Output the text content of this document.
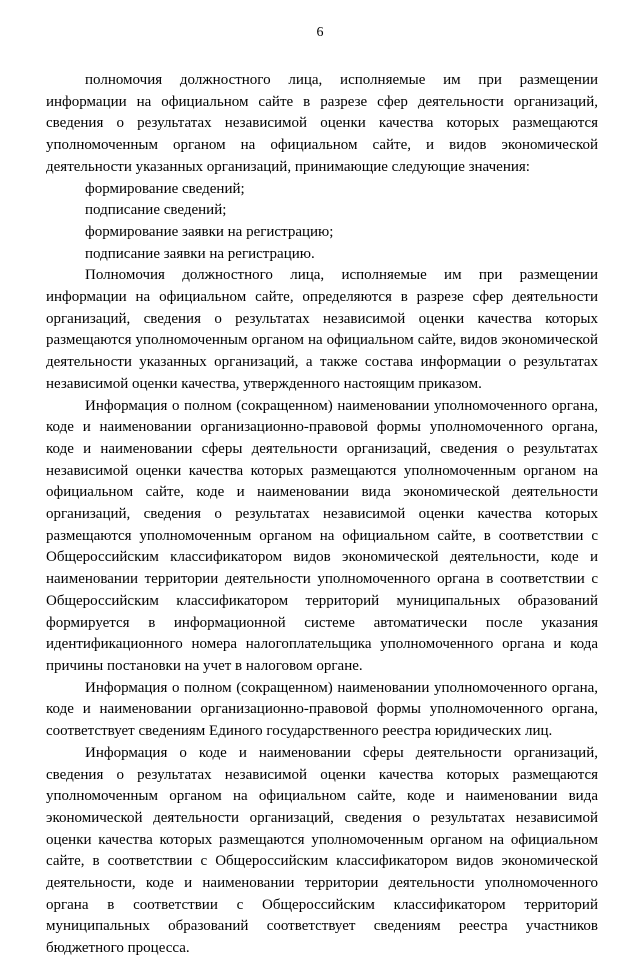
6

полномочия должностного лица, исполняемые им при размещении информации на официальном сайте в разрезе сфер деятельности организаций, сведения о результатах независимой оценки качества которых размещаются уполномоченным органом на официальном сайте, и видов экономической деятельности указанных организаций, принимающие следующие значения:

формирование сведений;

подписание сведений;

формирование заявки на регистрацию;

подписание заявки на регистрацию.

Полномочия должностного лица, исполняемые им при размещении информации на официальном сайте, определяются в разрезе сфер деятельности организаций, сведения о результатах независимой оценки качества которых размещаются уполномоченным органом на официальном сайте, видов экономической деятельности указанных организаций, а также состава информации о результатах независимой оценки качества, утвержденного настоящим приказом.

Информация о полном (сокращенном) наименовании уполномоченного органа, коде и наименовании организационно-правовой формы уполномоченного органа, коде и наименовании сферы деятельности организаций, сведения о результатах независимой оценки качества которых размещаются уполномоченным органом на официальном сайте, коде и наименовании вида экономической деятельности организаций, сведения о результатах независимой оценки качества которых размещаются уполномоченным органом на официальном сайте, в соответствии с Общероссийским классификатором видов экономической деятельности, коде и наименовании территории деятельности уполномоченного органа в соответствии с Общероссийским классификатором территорий муниципальных образований формируется в информационной системе автоматически после указания идентификационного номера налогоплательщика уполномоченного органа и кода причины постановки на учет в налоговом органе.

Информация о полном (сокращенном) наименовании уполномоченного органа, коде и наименовании организационно-правовой формы уполномоченного органа, соответствует сведениям Единого государственного реестра юридических лиц.

Информация о коде и наименовании сферы деятельности организаций, сведения о результатах независимой оценки качества которых размещаются уполномоченным органом на официальном сайте, коде и наименовании вида экономической деятельности организаций, сведения о результатах независимой оценки качества которых размещаются уполномоченным органом на официальном сайте, в соответствии с Общероссийским классификатором видов экономической деятельности, коде и наименовании территории деятельности уполномоченного органа в соответствии с Общероссийским классификатором территорий муниципальных образований соответствует сведениям реестра участников бюджетного процесса.
